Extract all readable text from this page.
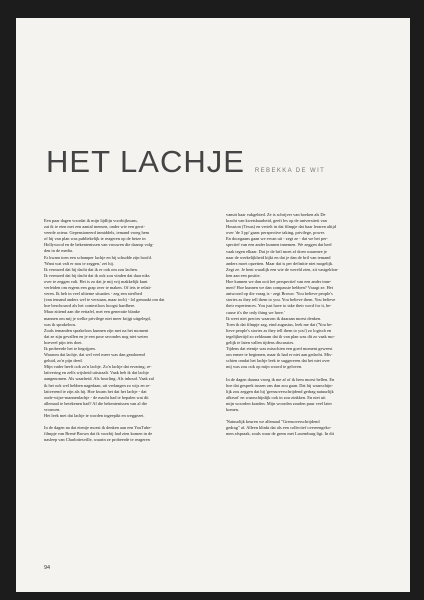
HET LACHJE REBEKKA DE WIT
Een paar dagen voordat ik mijn lijdlijn voorbijkwam,
zat ik te eten met een aantal mensen, onder wie een gerri-
veerde acteur. Gepensioneerd inmiddels, iemand vroeg hem
of hij van plan was publiekelijk te reageren op de hetze in
Hollywood en de bekentenissen van vrouwen die daarop volg-
den in de media.
Er kwam toen een schamper lachje en hij schudde zijn hoofd.
'Want wat valt er nou te zeggen,' zei hij.
Ik vermoed dat hij dacht dat ik er ook om zou lachen.
Ik vermoed dat hij dacht dat ik ook zou vinden dat daar niks
over te zeggen valt. Het is zo dat je mij vrij makkelijk kunt
verleiden om ergens een grap over te maken. Of iets te relati-
veren. Ik heb in veel ultieme situaties - zeg een sterfbed
(van iemand anders wel te verstaan, maar toch) - lol gemaakt om dat
hoe beschouwd als het contextloos hoogst hardhere.
Maar zittend aan die eettafel, met een generatie blanke
mannen om mij je welke privilege niet meer krijgt uitgelegd,
was ik sprakeloos.
Zoals iemanden sprakeloos kunnen zijn met na het moment
dat ze zijn gevallen en je een pose secondes nog niet weten
hoeveel pijn iets doet.
Ik probeerde het te begrijpen.
Waarom dat lachje, dat wel veel meer was dan geadorend
geluid, zo'n pijn deed.
Mijn vader heeft ook zo'n lachje. Zo'n lachje dat ervaring, re-
lativering en zelfs wijsheid uitstraalt. Vaak heb ik dat lachje
aangenomen. Als waarheid. Als hoorling. Als inhoud. Vaak zal
ik het ook wel hebben nagedaan, uit verlangen zo wijs en re-
lativerend te zijn als hij. Hoe kwam het dat het lachje - dat
oude-wijze-mannenlachje - de macht had te bepalen wat dit
allemaal te betekenen had? Al die bekentenissen van al die
vrouwen.
Het leek met dat lachje te worden ingeepikt en weggezet.

In de dagen na dat etentje moest ik denken aan een YouTube-
filmpje van Brené Brown dat ik voorbij had zien komen in de
nasleep van Charlottesville, waarin ze probeerde te reageren
vanuit haar vakgebied. Ze is schrijver van boeken als De
kracht van kwetsbaarheid, geeft les op de universiteit van
Houston (Texas) en vertelt in dat filmpje dat haar leraren altijd
over 'de 3 pp' gaan: perspective taking, privilege, power.
En doorgaans gaan we ervan uit - zegt ze - dat we het per-
spectief van een ander kunnen innemen. We zeggen dat heel
vaak tegen elkaar. Dat je de bril moet af doen waarmee je
naar de werkelijkheid kijkt en dat je dan de bril van iemand
anders moet opzetten. Maar dat is per definitie niet mogelijk.
Zegt ze. Je bent waarlijk een wie de wereld zien, zit vastgeklon-
ken aan een positie.
Hoe kunnen we dan ooit het perspectief van een ander inne-
men? Hoe kunnen we dan compassie hebben? Vraagt ze. Het
antwoord op die vraag is - zegt Brown: 'You believe people's
stories as they tell them to you. You believe them. You believe
their experiences. You just have to take their word for it, be-
cause it's the only thing we have.'
Ik weet niet precies waarom ik daaraan moest denken.
Toen ik dat filmpje zag, eind augustus, leek me dat ('You be-
lieve people's stories as they tell them to you') zo logisch en
tegelijkertijd zo zeldzaam dat ik van plan was dit zo vaak mo-
gelijk te laten vallen tijdens discussies.
Tijdens dat etentje was misschien een goed moment geweest
om ermee te beginnen, maar ik had er niet aan gedacht. Mis-
schien omdat het lachje leek te suggereren dat het niet over
mij was zou ook op mijn woord te geloven.

In de dagen daarna vroeg ik me af of ik hem moest bellen. En
hoe dat gesprek tussen ons dan zou gaan. Dat hij waarschijn-
lijk zou zeggen dat hij 'grensoverschrijdend gedrag natuurlijk
afkeurt' en waarschijnlijk ook in zou zinkken. En niet uit
mijn woorden konden. Mijn woorden zouden puur veel later
komen.

'Natuurlijk keuren we allemaal "Grensoverschrijdend
gedrag" af. Alleen klinkt dat als een collectief overeengeko-
men afspraak, zoals waar de grens met Luxemburg ligt. In dit
94
